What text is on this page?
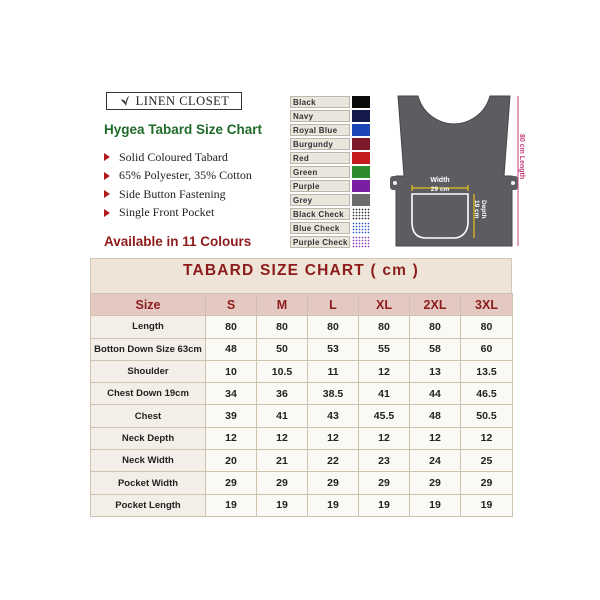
LINEN CLOSET
Hygea Tabard Size Chart
Solid Coloured Tabard
65% Polyester, 35% Cotton
Side Button Fastening
Single Front Pocket
Available in 11 Colours
Black
Navy
Royal Blue
Burgundy
Red
Green
Purple
Grey
Black Check
Blue Check
Purple Check
Width
29 cm
Depth
19 cm
80 cm Length
TABARD SIZE CHART ( cm )
Size	S	M	L	XL	2XL	3XL
Length	80	80	80	80	80	80
Botton Down Size 63cm	48	50	53	55	58	60
Shoulder	10	10.5	11	12	13	13.5
Chest Down 19cm	34	36	38.5	41	44	46.5
Chest	39	41	43	45.5	48	50.5
Neck Depth	12	12	12	12	12	12
Neck Width	20	21	22	23	24	25
Pocket Width	29	29	29	29	29	29
Pocket Length	19	19	19	19	19	19
